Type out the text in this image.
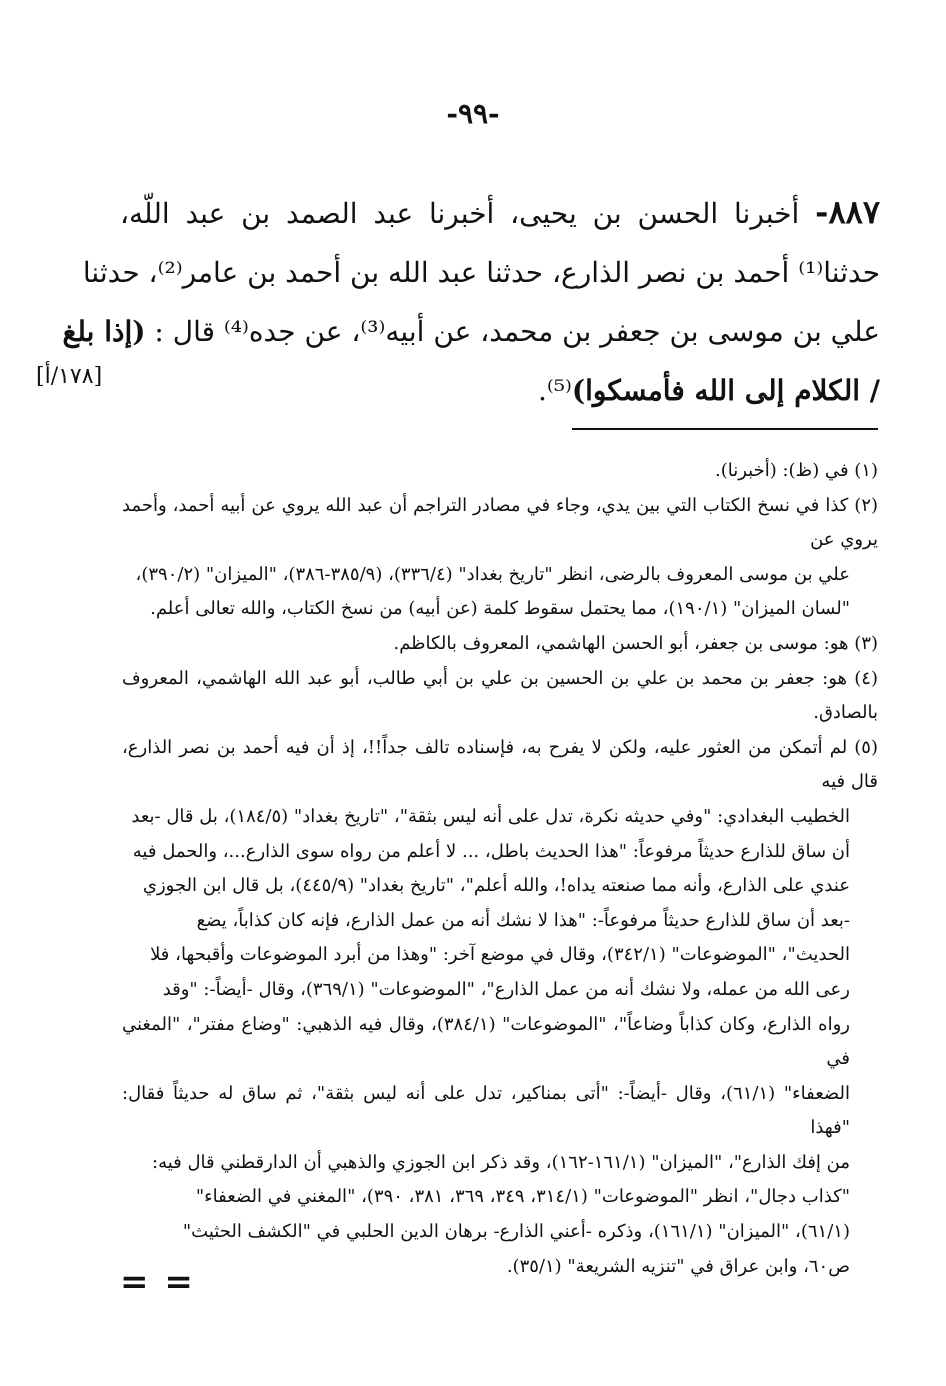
-٩٩-
٨٨٧- أخبرنا الحسن بن يحيى، أخبرنا عبد الصمد بن عبد اللّه،
حدثنا⁽¹⁾ أحمد بن نصر الذارع، حدثنا عبد الله بن أحمد بن عامر⁽²⁾، حدثنا
علي بن موسى بن جعفر بن محمد، عن أبيه⁽³⁾، عن جده⁽⁴⁾ قال : (إذا بلغ
/ الكلام إلى الله فأمسكوا)⁽⁵⁾.
[١٧٨/أ]
(١) في (ظ): (أخبرنا).
(٢) كذا في نسخ الكتاب التي بين يدي، وجاء في مصادر التراجم أن عبد الله يروي عن أبيه أحمد، وأحمد يروي عن
علي بن موسى المعروف بالرضى، انظر "تاريخ بغداد" (٣٣٦/٤)، (٣٨٥/٩-٣٨٦)، "الميزان" (٣٩٠/٢)،
"لسان الميزان" (١٩٠/١)، مما يحتمل سقوط كلمة (عن أبيه) من نسخ الكتاب، والله تعالى أعلم.
(٣) هو: موسى بن جعفر، أبو الحسن الهاشمي، المعروف بالكاظم.
(٤) هو: جعفر بن محمد بن علي بن الحسين بن علي بن أبي طالب، أبو عبد الله الهاشمي، المعروف بالصادق.
(٥) لم أتمكن من العثور عليه، ولكن لا يفرح به، فإسناده تالف جداً!!، إذ أن فيه أحمد بن نصر الذارع، قال فيه
الخطيب البغدادي: "وفي حديثه نكرة، تدل على أنه ليس بثقة"، "تاريخ بغداد" (١٨٤/٥)، بل قال -بعد
أن ساق للذارع حديثاً مرفوعاً: "هذا الحديث باطل، ... لا أعلم من رواه سوى الذارع...، والحمل فيه
عندي على الذارع، وأنه مما صنعته يداه!، والله أعلم"، "تاريخ بغداد" (٤٤٥/٩)، بل قال ابن الجوزي
-بعد أن ساق للذارع حديثاً مرفوعاً-: "هذا لا نشك أنه من عمل الذارع، فإنه كان كذاباً، يضع
الحديث"، "الموضوعات" (٣٤٢/١)، وقال في موضع آخر: "وهذا من أبرد الموضوعات وأقبحها، فلا
رعى الله من عمله، ولا نشك أنه من عمل الذارع"، "الموضوعات" (٣٦٩/١)، وقال -أيضاً-: "وقد
رواه الذارع، وكان كذاباً وضاعاً"، "الموضوعات" (٣٨٤/١)، وقال فيه الذهبي: "وضاع مفتر"، "المغني في
الضعفاء" (٦١/١)، وقال -أيضاً-: "أتى بمناكير، تدل على أنه ليس بثقة"، ثم ساق له حديثاً فقال: "فهذا
من إفك الذارع"، "الميزان" (١٦١/١-١٦٢)، وقد ذكر ابن الجوزي والذهبي أن الدارقطني قال فيه:
"كذاب دجال"، انظر "الموضوعات" (٣١٤/١، ٣٤٩، ٣٦٩، ٣٨١، ٣٩٠)، "المغني في الضعفاء"
(٦١/١)، "الميزان" (١٦١/١)، وذكره -أعني الذارع- برهان الدين الحلبي في "الكشف الحثيث"
ص٦٠، وابن عراق في "تنزيه الشريعة" (٣٥/١).
= =
